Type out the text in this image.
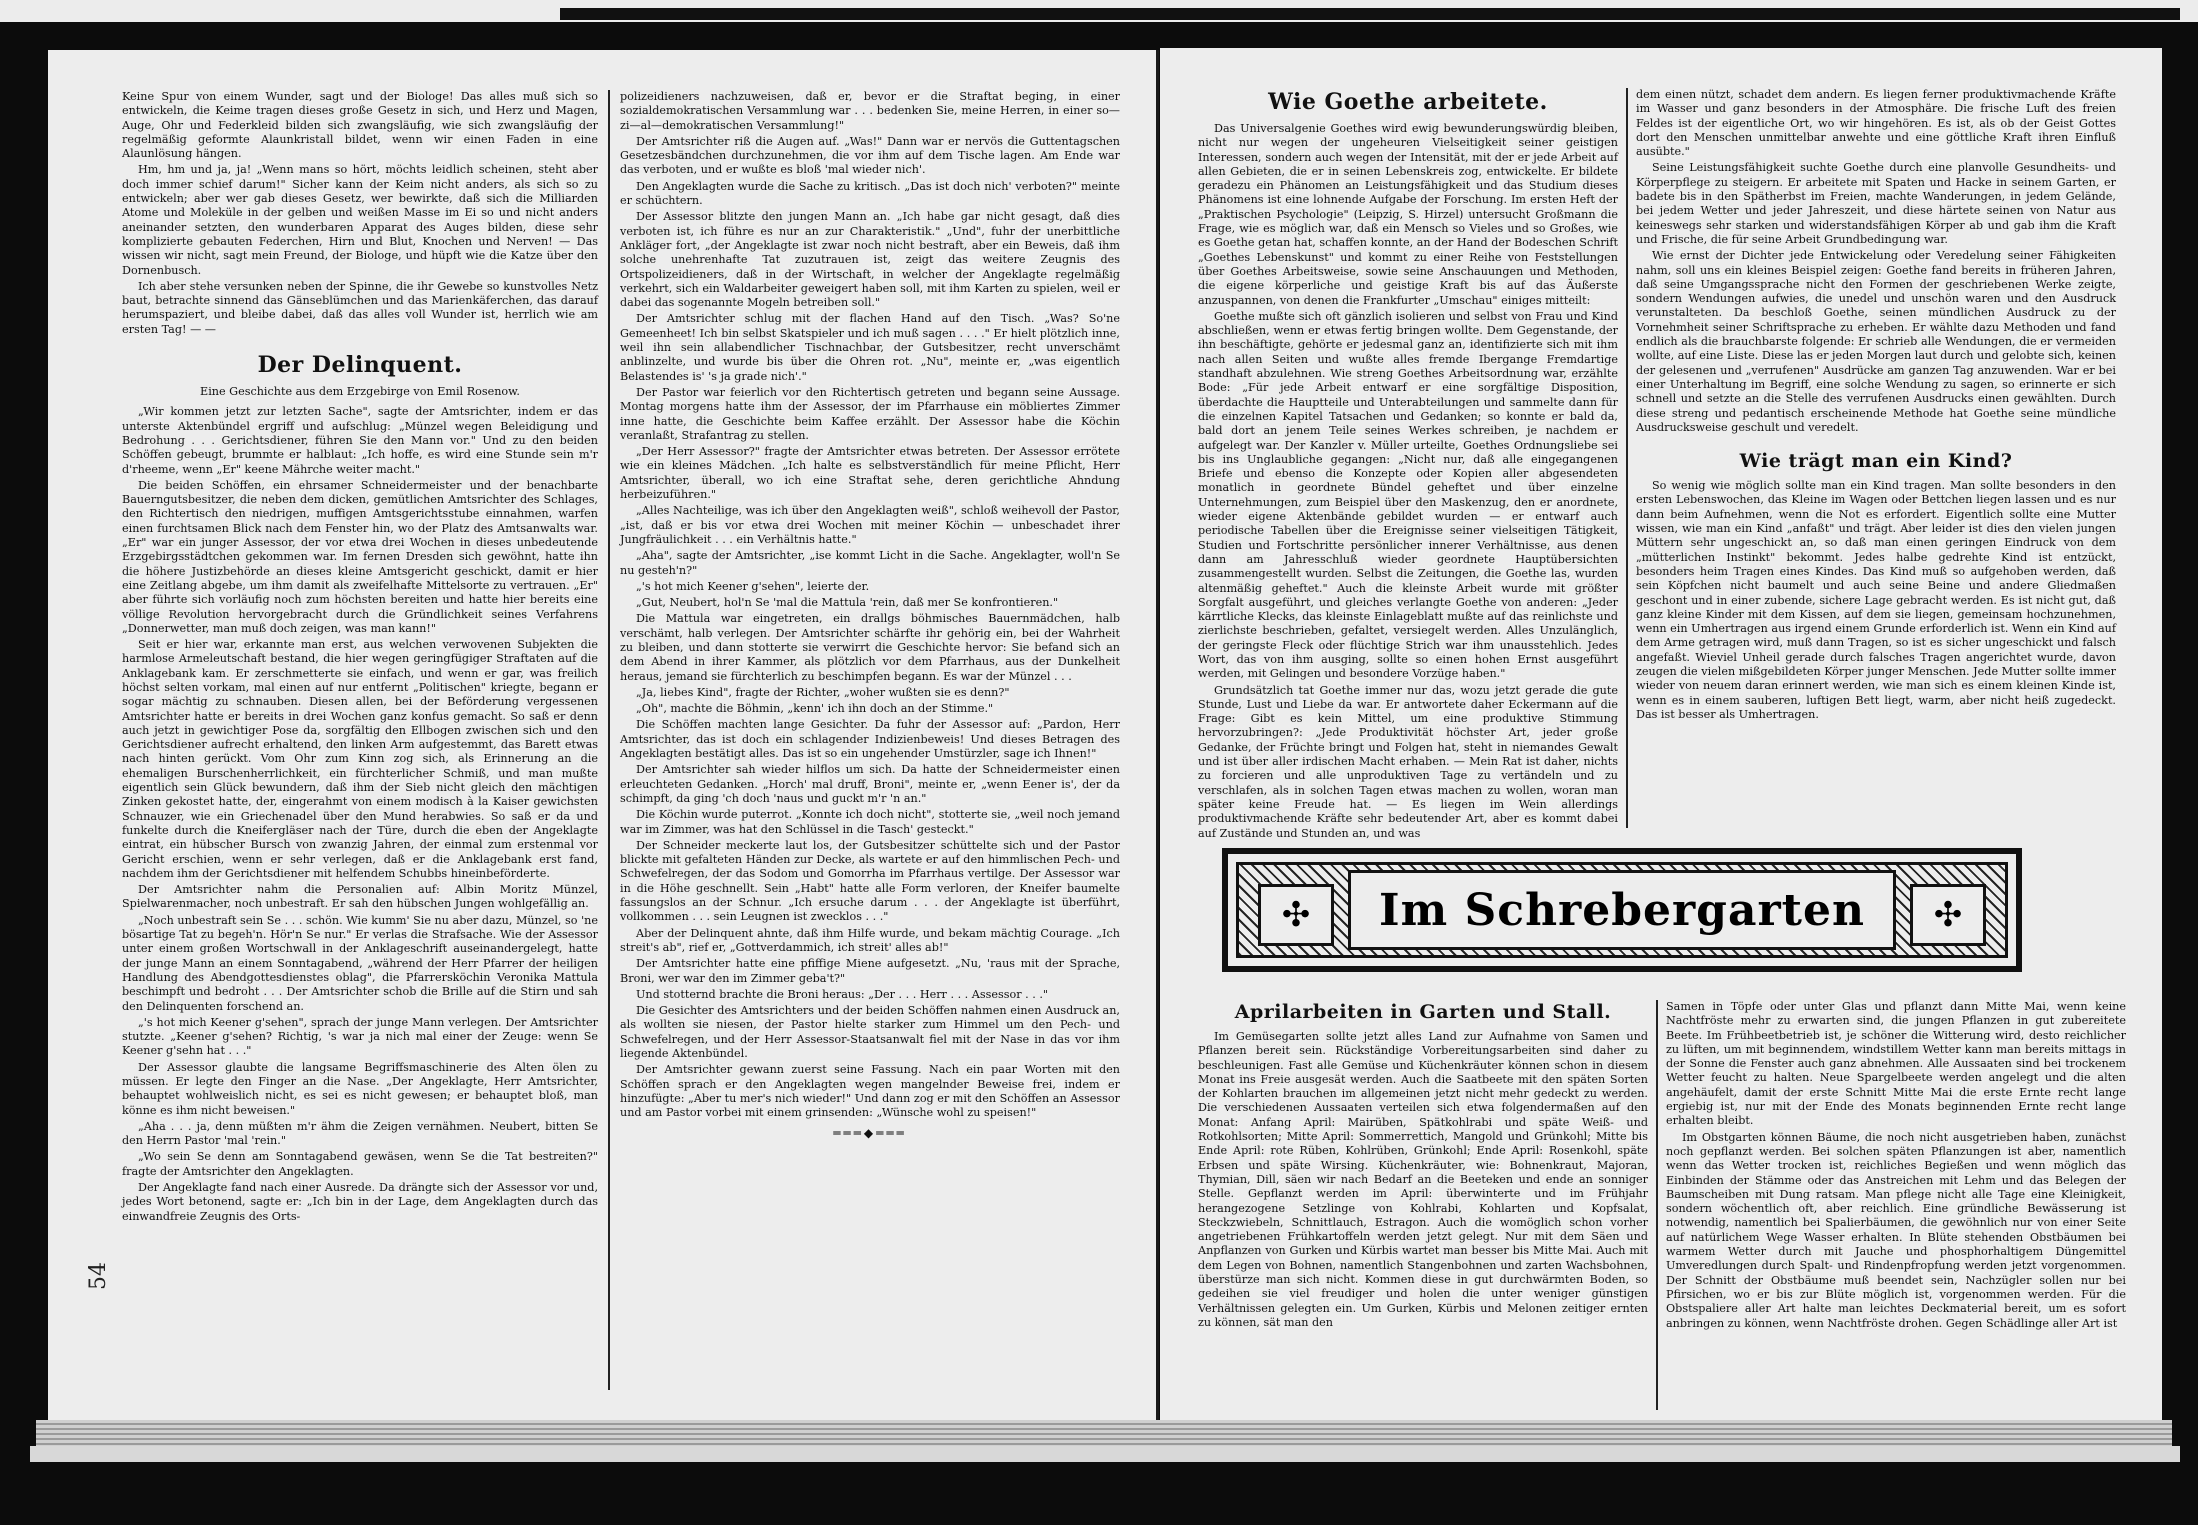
Keine Spur von einem Wunder, sagt und der Biologe! Das alles muß sich so entwickeln, die Keime tragen dieses große Gesetz in sich, und Herz und Magen, Auge, Ohr und Federkleid bilden sich zwangsläufig, wie sich zwangsläufig der regelmäßig geformte Alaunkristall bildet, wenn wir einen Faden in eine Alaunlösung hängen.

Hm, hm und ja, ja! „Wenn mans so hört, möchts leidlich scheinen, steht aber doch immer schief darum!" Sicher kann der Keim nicht anders, als sich so zu entwickeln; aber wer gab dieses Gesetz, wer bewirkte, daß sich die Milliarden Atome und Moleküle in der gelben und weißen Masse im Ei so und nicht anders aneinander setzten, den wunderbaren Apparat des Auges bilden, diese sehr komplizierte gebauten Federchen, Hirn und Blut, Knochen und Nerven! — Das wissen wir nicht, sagt mein Freund, der Biologe, und hüpft wie die Katze über den Dornenbusch.

Ich aber stehe versunken neben der Spinne, die ihr Gewebe so kunstvolles Netz baut, betrachte sinnend das Gänseblümchen und das Marienkäferchen, das darauf herumspaziert, und bleibe dabei, daß das alles voll Wunder ist, herrlich wie am ersten Tag! — —

Der Delinquent.
Eine Geschichte aus dem Erzgebirge von Emil Rosenow.

„Wir kommen jetzt zur letzten Sache", sagte der Amtsrichter, indem er das unterste Aktenbündel ergriff und aufschlug: „Münzel wegen Beleidigung und Bedrohung . . . Gerichtsdiener, führen Sie den Mann vor." Und zu den beiden Schöffen gebeugt, brummte er halblaut: „Ich hoffe, es wird eine Stunde sein m'r d'rheeme, wenn „Er" keene Mährche weiter macht."

Die beiden Schöffen, ein ehrsamer Schneidermeister und der benachbarte Bauerngutsbesitzer, die neben dem dicken, gemütlichen Amtsrichter des Schlages, den Richtertisch den niedrigen, muffigen Amtsgerichtsstube einnahmen, warfen einen furchtsamen Blick nach dem Fenster hin, wo der Platz des Amtsanwalts war. „Er" war ein junger Assessor, der vor etwa drei Wochen in dieses unbedeutende Erzgebirgsstädtchen gekommen war. Im fernen Dresden sich gewöhnt, hatte ihn die höhere Justizbehörde an dieses kleine Amtsgericht geschickt, damit er hier eine Zeitlang abgebe, um ihm damit als zweifelhafte Mittelsorte zu vertrauen. „Er" aber führte sich vorläufig noch zum höchsten bereiten und hatte hier bereits eine völlige Revolution hervorgebracht durch die Gründlichkeit seines Verfahrens „Donnerwetter, man muß doch zeigen, was man kann!"

Seit er hier war, erkannte man erst, aus welchen verwovenen Subjekten die harmlose Armeleutschaft bestand, die hier wegen geringfügiger Straftaten auf die Anklagebank kam. Er zerschmetterte sie einfach, und wenn er gar, was freilich höchst selten vorkam, mal einen auf nur entfernt „Politischen" kriegte, begann er sogar mächtig zu schnauben. Diesen allen, bei der Beförderung vergessenen Amtsrichter hatte er bereits in drei Wochen ganz konfus gemacht. So saß er denn auch jetzt in gewichtiger Pose da, sorgfältig den Ellbogen zwischen sich und den Gerichtsdiener aufrecht erhaltend, den linken Arm aufgestemmt, das Barett etwas nach hinten gerückt. Vom Ohr zum Kinn zog sich, als Erinnerung an die ehemaligen Burschenherrlichkeit, ein fürchterlicher Schmiß, und man mußte eigentlich sein Glück bewundern, daß ihm der Sieb nicht gleich den mächtigen Zinken gekostet hatte, der, eingerahmt von einem modisch à la Kaiser gewichsten Schnauzer, wie ein Griechenadel über den Mund herabwies. So saß er da und funkelte durch die Kneifergläser nach der Türe, durch die eben der Angeklagte eintrat, ein hübscher Bursch von zwanzig Jahren, der einmal zum erstenmal vor Gericht erschien, wenn er sehr verlegen, daß er die Anklagebank erst fand, nachdem ihm der Gerichtsdiener mit helfendem Schubbs hineinbeförderte.

Der Amtsrichter nahm die Personalien auf: Albin Moritz Münzel, Spielwarenmacher, noch unbestraft. Er sah den hübschen Jungen wohlgefällig an.

„Noch unbestraft sein Se . . . schön. Wie kumm' Sie nu aber dazu, Münzel, so 'ne bösartige Tat zu begeh'n. Hör'n Se nur." Er verlas die Strafsache. Wie der Assessor unter einem großen Wortschwall in der Anklageschrift auseinandergelegt, hatte der junge Mann an einem Sonntagabend, „während der Herr Pfarrer der heiligen Handlung des Abendgottesdienstes oblag", die Pfarrersköchin Veronika Mattula beschimpft und bedroht . . . Der Amtsrichter schob die Brille auf die Stirn und sah den Delinquenten forschend an.

„'s hot mich Keener g'sehen", sprach der junge Mann verlegen. Der Amtsrichter stutzte. „Keener g'sehen? Richtig, 's war ja nich mal einer der Zeuge: wenn Se Keener g'sehn hat . . ."

Der Assessor glaubte die langsame Begriffsmaschinerie des Alten ölen zu müssen. Er legte den Finger an die Nase. „Der Angeklagte, Herr Amtsrichter, behauptet wohlweislich nicht, es sei es nicht gewesen; er behauptet bloß, man könne es ihm nicht beweisen."

„Aha . . . ja, denn müßten m'r ähm die Zeigen vernähmen. Neubert, bitten Se den Herrn Pastor 'mal 'rein."

„Wo sein Se denn am Sonntagabend gewäsen, wenn Se die Tat bestreiten?" fragte der Amtsrichter den Angeklagten.

Der Angeklagte fand nach einer Ausrede. Da drängte sich der Assessor vor und, jedes Wort betonend, sagte er: „Ich bin in der Lage, dem Angeklagten durch das einwandfreie Zeugnis des Orts-

polizeidieners nachzuweisen, daß er, bevor er die Straftat beging, in einer sozialdemokratischen Versammlung war . . . bedenken Sie, meine Herren, in einer so—zi—al—demokratischen Versammlung!"

Der Amtsrichter riß die Augen auf. „Was!" Dann war er nervös die Guttentagschen Gesetzesbändchen durchzunehmen, die vor ihm auf dem Tische lagen. Am Ende war das verboten, und er wußte es bloß 'mal wieder nich'.

Den Angeklagten wurde die Sache zu kritisch. „Das ist doch nich' verboten?" meinte er schüchtern.

Der Assessor blitzte den jungen Mann an. „Ich habe gar nicht gesagt, daß dies verboten ist, ich führe es nur an zur Charakteristik." „Und", fuhr der unerbittliche Ankläger fort, „der Angeklagte ist zwar noch nicht bestraft, aber ein Beweis, daß ihm solche unehrenhafte Tat zuzutrauen ist, zeigt das weitere Zeugnis des Ortspolizeidieners, daß in der Wirtschaft, in welcher der Angeklagte regelmäßig verkehrt, sich ein Waldarbeiter geweigert haben soll, mit ihm Karten zu spielen, weil er dabei das sogenannte Mogeln betreiben soll."

Der Amtsrichter schlug mit der flachen Hand auf den Tisch. „Was? So'ne Gemeenheet! Ich bin selbst Skatspieler und ich muß sagen . . . ." Er hielt plötzlich inne, weil ihn sein allabendlicher Tischnachbar, der Gutsbesitzer, recht unverschämt anblinzelte, und wurde bis über die Ohren rot. „Nu", meinte er, „was eigentlich Belastendes is' 's ja grade nich'."

Der Pastor war feierlich vor den Richtertisch getreten und begann seine Aussage. Montag morgens hatte ihm der Assessor, der im Pfarrhause ein möbliertes Zimmer inne hatte, die Geschichte beim Kaffee erzählt. Der Assessor habe die Köchin veranlaßt, Strafantrag zu stellen.

„Der Herr Assessor?" fragte der Amtsrichter etwas betreten. Der Assessor errötete wie ein kleines Mädchen. „Ich halte es selbstverständlich für meine Pflicht, Herr Amtsrichter, überall, wo ich eine Straftat sehe, deren gerichtliche Ahndung herbeizuführen."

„Alles Nachteilige, was ich über den Angeklagten weiß", schloß weihevoll der Pastor, „ist, daß er bis vor etwa drei Wochen mit meiner Köchin — unbeschadet ihrer Jungfräulichkeit . . . ein Verhältnis hatte."

„Aha", sagte der Amtsrichter, „ise kommt Licht in die Sache. Angeklagter, woll'n Se nu gesteh'n?"

„'s hot mich Keener g'sehen", leierte der.

„Gut, Neubert, hol'n Se 'mal die Mattula 'rein, daß mer Se konfrontieren."

Die Mattula war eingetreten, ein drallgs böhmisches Bauernmädchen, halb verschämt, halb verlegen. Der Amtsrichter schärfte ihr gehörig ein, bei der Wahrheit zu bleiben, und dann stotterte sie verwirrt die Geschichte hervor: Sie befand sich an dem Abend in ihrer Kammer, als plötzlich vor dem Pfarrhaus, aus der Dunkelheit heraus, jemand sie fürchterlich zu beschimpfen begann. Es war der Münzel . . .

„Ja, liebes Kind", fragte der Richter, „woher wußten sie es denn?"

„Oh", machte die Böhmin, „kenn' ich ihn doch an der Stimme."

Die Schöffen machten lange Gesichter. Da fuhr der Assessor auf: „Pardon, Herr Amtsrichter, das ist doch ein schlagender Indizienbeweis! Und dieses Betragen des Angeklagten bestätigt alles. Das ist so ein ungehender Umstürzler, sage ich Ihnen!"

Der Amtsrichter sah wieder hilflos um sich. Da hatte der Schneidermeister einen erleuchteten Gedanken. „Horch' mal druff, Broni", meinte er, „wenn Eener is', der da schimpft, da ging 'ch doch 'naus und guckt m'r 'n an."

Die Köchin wurde puterrot. „Konnte ich doch nicht", stotterte sie, „weil noch jemand war im Zimmer, was hat den Schlüssel in die Tasch' gesteckt."

Der Schneider meckerte laut los, der Gutsbesitzer schüttelte sich und der Pastor blickte mit gefalteten Händen zur Decke, als wartete er auf den himmlischen Pech- und Schwefelregen, der das Sodom und Gomorrha im Pfarrhaus vertilge. Der Assessor war in die Höhe geschnellt. Sein „Habt" hatte alle Form verloren, der Kneifer baumelte fassungslos an der Schnur. „Ich ersuche darum . . . der Angeklagte ist überführt, vollkommen . . . sein Leugnen ist zwecklos . . ."

Aber der Delinquent ahnte, daß ihm Hilfe wurde, und bekam mächtig Courage. „Ich streit's ab", rief er, „Gottverdammich, ich streit' alles ab!"

Der Amtsrichter hatte eine pfiffige Miene aufgesetzt. „Nu, 'raus mit der Sprache, Broni, wer war den im Zimmer geba't?"

Und stotternd brachte die Broni heraus: „Der . . . Herr . . . Assessor . . ."

Die Gesichter des Amtsrichters und der beiden Schöffen nahmen einen Ausdruck an, als wollten sie niesen, der Pastor hielte starker zum Himmel um den Pech- und Schwefelregen, und der Herr Assessor-Staatsanwalt fiel mit der Nase in das vor ihm liegende Aktenbündel.

Der Amtsrichter gewann zuerst seine Fassung. Nach ein paar Worten mit den Schöffen sprach er den Angeklagten wegen mangelnder Beweise frei, indem er hinzufügte: „Aber tu mer's nich wieder!" Und dann zog er mit den Schöffen an Assessor und am Pastor vorbei mit einem grinsenden: „Wünsche wohl zu speisen!"

═══◆═══
54
Wie Goethe arbeitete.

Das Universalgenie Goethes wird ewig bewunderungswürdig bleiben, nicht nur wegen der ungeheuren Vielseitigkeit seiner geistigen Interessen, sondern auch wegen der Intensität, mit der er jede Arbeit auf allen Gebieten, die er in seinen Lebenskreis zog, entwickelte. Er bildete geradezu ein Phänomen an Leistungsfähigkeit und das Studium dieses Phänomens ist eine lohnende Aufgabe der Forschung. Im ersten Heft der „Praktischen Psychologie" (Leipzig, S. Hirzel) untersucht Großmann die Frage, wie es möglich war, daß ein Mensch so Vieles und so Großes, wie es Goethe getan hat, schaffen konnte, an der Hand der Bodeschen Schrift „Goethes Lebenskunst" und kommt zu einer Reihe von Feststellungen über Goethes Arbeitsweise, sowie seine Anschauungen und Methoden, die eigene körperliche und geistige Kraft bis auf das Äußerste anzuspannen, von denen die Frankfurter „Umschau" einiges mitteilt:

Goethe mußte sich oft gänzlich isolieren und selbst von Frau und Kind abschließen, wenn er etwas fertig bringen wollte. Dem Gegenstande, der ihn beschäftigte, gehörte er jedesmal ganz an, identifizierte sich mit ihm nach allen Seiten und wußte alles fremde Ibergange Fremdartige standhaft abzulehnen. Wie streng Goethes Arbeitsordnung war, erzählte Bode: „Für jede Arbeit entwarf er eine sorgfältige Disposition, überdachte die Hauptteile und Unterabteilungen und sammelte dann für die einzelnen Kapitel Tatsachen und Gedanken; so konnte er bald da, bald dort an jenem Teile seines Werkes schreiben, je nachdem er aufgelegt war. Der Kanzler v. Müller urteilte, Goethes Ordnungsliebe sei bis ins Unglaubliche gegangen: „Nicht nur, daß alle eingegangenen Briefe und ebenso die Konzepte oder Kopien aller abgesendeten monatlich in geordnete Bündel geheftet und über einzelne Unternehmungen, zum Beispiel über den Maskenzug, den er anordnete, wieder eigene Aktenbände gebildet wurden — er entwarf auch periodische Tabellen über die Ereignisse seiner vielseitigen Tätigkeit, Studien und Fortschritte persönlicher innerer Verhältnisse, aus denen dann am Jahresschluß wieder geordnete Hauptübersichten zusammengestellt wurden. Selbst die Zeitungen, die Goethe las, wurden altenmäßig geheftet." Auch die kleinste Arbeit wurde mit größter Sorgfalt ausgeführt, und gleiches verlangte Goethe von anderen: „Jeder kärrtliche Klecks, das kleinste Einlageblatt mußte auf das reinlichste und zierlichste beschrieben, gefaltet, versiegelt werden. Alles Unzulänglich, der geringste Fleck oder flüchtige Strich war ihm unausstehlich. Jedes Wort, das von ihm ausging, sollte so einen hohen Ernst ausgeführt werden, mit Gelingen und besondere Vorzüge haben."

Grundsätzlich tat Goethe immer nur das, wozu jetzt gerade die gute Stunde, Lust und Liebe da war. Er antwortete daher Eckermann auf die Frage: Gibt es kein Mittel, um eine produktive Stimmung hervorzubringen?: „Jede Produktivität höchster Art, jeder große Gedanke, der Früchte bringt und Folgen hat, steht in niemandes Gewalt und ist über aller irdischen Macht erhaben. — Mein Rat ist daher, nichts zu forcieren und alle unproduktiven Tage zu vertändeln und zu verschlafen, als in solchen Tagen etwas machen zu wollen, woran man später keine Freude hat. — Es liegen im Wein allerdings produktivmachende Kräfte sehr bedeutender Art, aber es kommt dabei auf Zustände und Stunden an, und was

dem einen nützt, schadet dem andern. Es liegen ferner produktivmachende Kräfte im Wasser und ganz besonders in der Atmosphäre. Die frische Luft des freien Feldes ist der eigentliche Ort, wo wir hingehören. Es ist, als ob der Geist Gottes dort den Menschen unmittelbar anwehte und eine göttliche Kraft ihren Einfluß ausübte."

Seine Leistungsfähigkeit suchte Goethe durch eine planvolle Gesundheits- und Körperpflege zu steigern. Er arbeitete mit Spaten und Hacke in seinem Garten, er badete bis in den Spätherbst im Freien, machte Wanderungen, in jedem Gelände, bei jedem Wetter und jeder Jahreszeit, und diese härtete seinen von Natur aus keineswegs sehr starken und widerstandsfähigen Körper ab und gab ihm die Kraft und Frische, die für seine Arbeit Grundbedingung war.

Wie ernst der Dichter jede Entwickelung oder Veredelung seiner Fähigkeiten nahm, soll uns ein kleines Beispiel zeigen: Goethe fand bereits in früheren Jahren, daß seine Umgangssprache nicht den Formen der geschriebenen Werke zeigte, sondern Wendungen aufwies, die unedel und unschön waren und den Ausdruck verunstalteten. Da beschloß Goethe, seinen mündlichen Ausdruck zu der Vornehmheit seiner Schriftsprache zu erheben. Er wählte dazu Methoden und fand endlich als die brauchbarste folgende: Er schrieb alle Wendungen, die er vermeiden wollte, auf eine Liste. Diese las er jeden Morgen laut durch und gelobte sich, keinen der gelesenen und „verrufenen" Ausdrücke am ganzen Tag anzuwenden. War er bei einer Unterhaltung im Begriff, eine solche Wendung zu sagen, so erinnerte er sich schnell und setzte an die Stelle des verrufenen Ausdrucks einen gewählten. Durch diese streng und pedantisch erscheinende Methode hat Goethe seine mündliche Ausdrucksweise geschult und veredelt.

Wie trägt man ein Kind?

So wenig wie möglich sollte man ein Kind tragen. Man sollte besonders in den ersten Lebenswochen, das Kleine im Wagen oder Bettchen liegen lassen und es nur dann beim Aufnehmen, wenn die Not es erfordert. Eigentlich sollte eine Mutter wissen, wie man ein Kind „anfaßt" und trägt. Aber leider ist dies den vielen jungen Müttern sehr ungeschickt an, so daß man einen geringen Eindruck von dem „mütterlichen Instinkt" bekommt. Jedes halbe gedrehte Kind ist entzückt, besonders heim Tragen eines Kindes. Das Kind muß so aufgehoben werden, daß sein Köpfchen nicht baumelt und auch seine Beine und andere Gliedmaßen geschont und in einer zubende, sichere Lage gebracht werden. Es ist nicht gut, daß ganz kleine Kinder mit dem Kissen, auf dem sie liegen, gemeinsam hochzunehmen, wenn ein Umhertragen aus irgend einem Grunde erforderlich ist. Wenn ein Kind auf dem Arme getragen wird, muß dann Tragen, so ist es sicher ungeschickt und falsch angefaßt. Wieviel Unheil gerade durch falsches Tragen angerichtet wurde, davon zeugen die vielen mißgebildeten Körper junger Menschen. Jede Mutter sollte immer wieder von neuem daran erinnert werden, wie man sich es einem kleinen Kinde ist, wenn es in einem sauberen, luftigen Bett liegt, warm, aber nicht heiß zugedeckt. Das ist besser als Umhertragen.

Aprilarbeiten in Garten und Stall.

Im Gemüsegarten sollte jetzt alles Land zur Aufnahme von Samen und Pflanzen bereit sein. Rückständige Vorbereitungsarbeiten sind daher zu beschleunigen. Fast alle Gemüse und Küchenkräuter können schon in diesem Monat ins Freie ausgesät werden. Auch die Saatbeete mit den späten Sorten der Kohlarten brauchen im allgemeinen jetzt nicht mehr gedeckt zu werden. Die verschiedenen Aussaaten verteilen sich etwa folgendermaßen auf den Monat: Anfang April: Mairüben, Spätkohlrabi und späte Weiß- und Rotkohlsorten; Mitte April: Sommerrettich, Mangold und Grünkohl; Mitte bis Ende April: rote Rüben, Kohlrüben, Grünkohl; Ende April: Rosenkohl, späte Erbsen und späte Wirsing. Küchenkräuter, wie: Bohnenkraut, Majoran, Thymian, Dill, säen wir nach Bedarf an die Beeteken und ende an sonniger Stelle. Gepflanzt werden im April: überwinterte und im Frühjahr herangezogene Setzlinge von Kohlrabi, Kohlarten und Kopfsalat, Steckzwiebeln, Schnittlauch, Estragon. Auch die womöglich schon vorher angetriebenen Frühkartoffeln werden jetzt gelegt. Nur mit dem Säen und Anpflanzen von Gurken und Kürbis wartet man besser bis Mitte Mai. Auch mit dem Legen von Bohnen, namentlich Stangenbohnen und zarten Wachsbohnen, überstürze man sich nicht. Kommen diese in gut durchwärmten Boden, so gedeihen sie viel freudiger und holen die unter weniger günstigen Verhältnissen gelegten ein. Um Gurken, Kürbis und Melonen zeitiger ernten zu können, sät man den

Samen in Töpfe oder unter Glas und pflanzt dann Mitte Mai, wenn keine Nachtfröste mehr zu erwarten sind, die jungen Pflanzen in gut zubereitete Beete. Im Frühbeetbetrieb ist, je schöner die Witterung wird, desto reichlicher zu lüften, um mit beginnendem, windstillem Wetter kann man bereits mittags in der Sonne die Fenster auch ganz abnehmen. Alle Aussaaten sind bei trockenem Wetter feucht zu halten. Neue Spargelbeete werden angelegt und die alten angehäufelt, damit der erste Schnitt Mitte Mai die erste Ernte recht lange ergiebig ist, nur mit der Ende des Monats beginnenden Ernte recht lange erhalten bleibt.

Im Obstgarten können Bäume, die noch nicht ausgetrieben haben, zunächst noch gepflanzt werden. Bei solchen späten Pflanzungen ist aber, namentlich wenn das Wetter trocken ist, reichliches Begießen und wenn möglich das Einbinden der Stämme oder das Anstreichen mit Lehm und das Belegen der Baumscheiben mit Dung ratsam. Man pflege nicht alle Tage eine Kleinigkeit, sondern wöchentlich oft, aber reichlich. Eine gründliche Bewässerung ist notwendig, namentlich bei Spalierbäumen, die gewöhnlich nur von einer Seite auf natürlichem Wege Wasser erhalten. In Blüte stehenden Obstbäumen bei warmem Wetter durch mit Jauche und phosphorhaltigem Düngemittel Umveredlungen durch Spalt- und Rindenpfropfung werden jetzt vorgenommen. Der Schnitt der Obstbäume muß beendet sein, Nachzügler sollen nur bei Pfirsichen, wo er bis zur Blüte möglich ist, vorgenommen werden. Für die Obstspaliere aller Art halte man leichtes Deckmaterial bereit, um es sofort anbringen zu können, wenn Nachtfröste drohen. Gegen Schädlinge aller Art ist

✣	Im Schrebergarten	✣
